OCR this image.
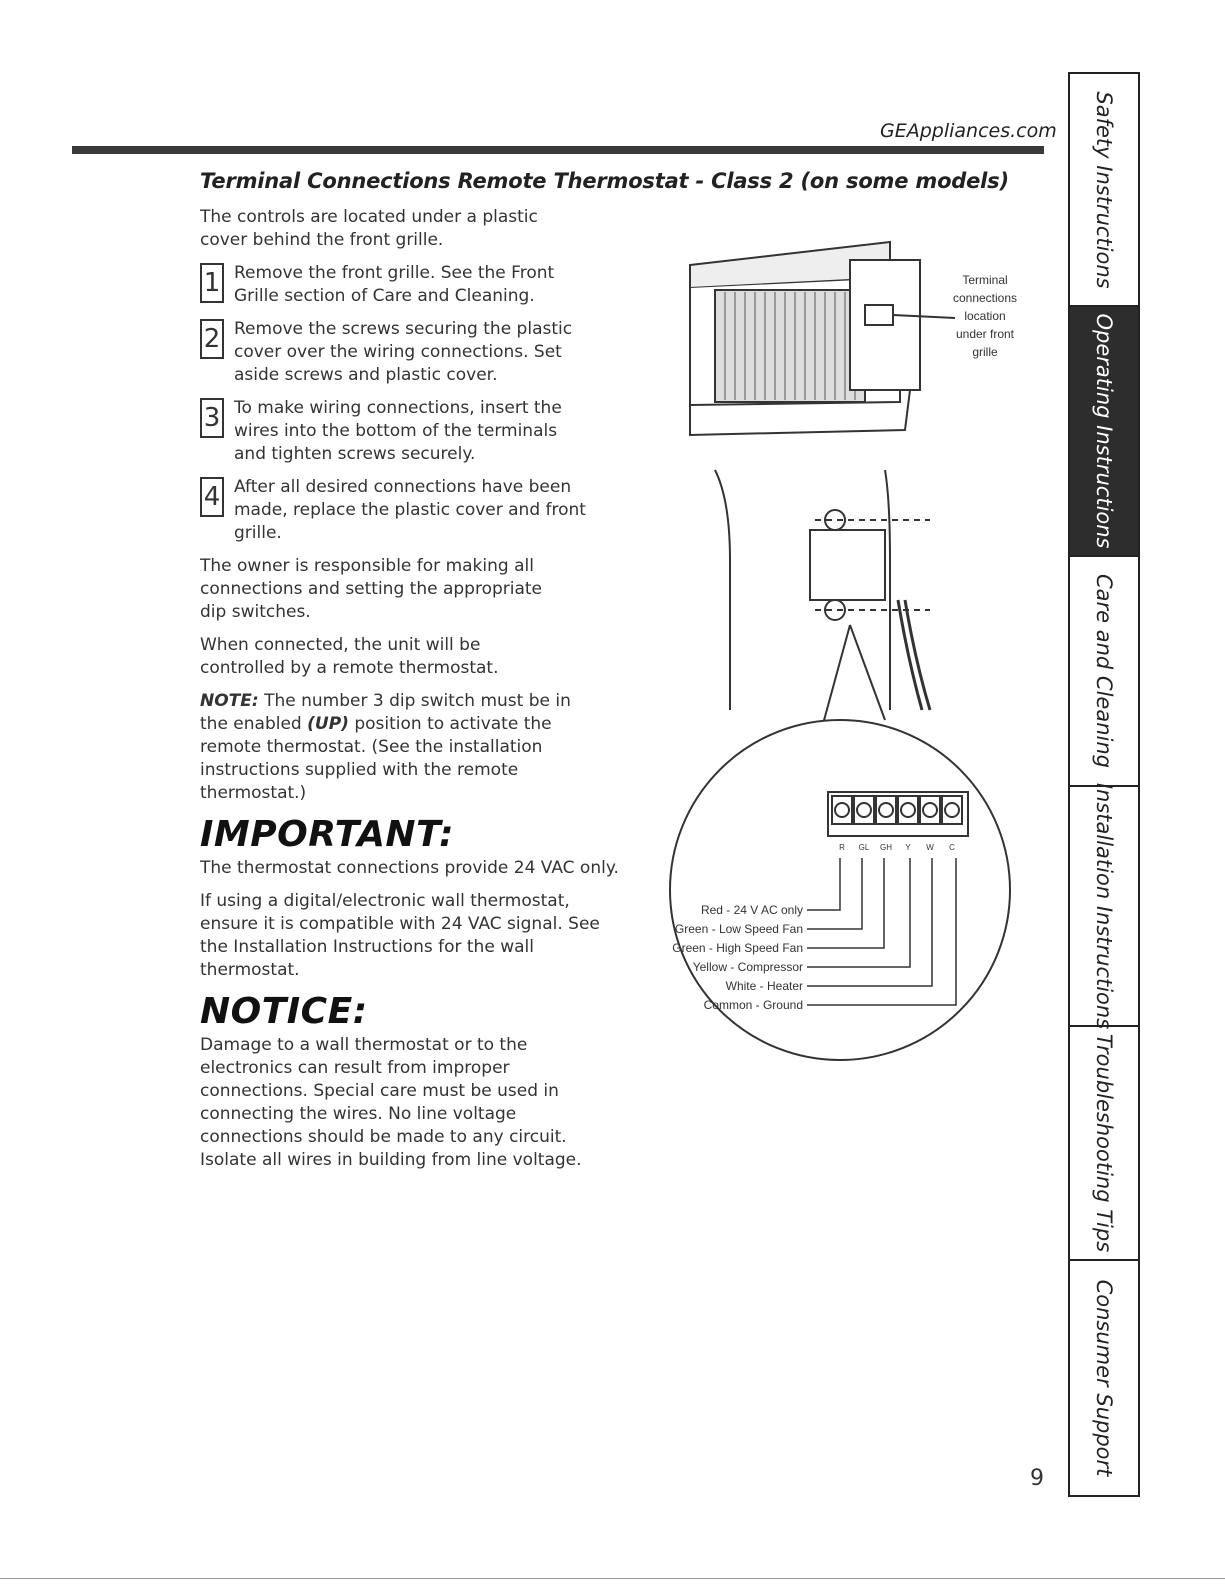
GEAppliances.com
Terminal Connections Remote Thermostat - Class 2 (on some models)

The controls are located under a plastic cover behind the front grille.

1 Remove the front grille. See the Front Grille section of Care and Cleaning.
2 Remove the screws securing the plastic cover over the wiring connections. Set aside screws and plastic cover.
3 To make wiring connections, insert the wires into the bottom of the terminals and tighten screws securely.
4 After all desired connections have been made, replace the plastic cover and front grille.

The owner is responsible for making all connections and setting the appropriate dip switches.

When connected, the unit will be controlled by a remote thermostat.

NOTE: The number 3 dip switch must be in the enabled (UP) position to activate the remote thermostat. (See the installation instructions supplied with the remote thermostat.)

IMPORTANT:

The thermostat connections provide 24 VAC only.

If using a digital/electronic wall thermostat, ensure it is compatible with 24 VAC signal. See the Installation Instructions for the wall thermostat.

NOTICE:

Damage to a wall thermostat or to the electronics can result from improper connections. Special care must be used in connecting the wires. No line voltage connections should be made to any circuit. Isolate all wires in building from line voltage.

Terminal
connections
location
under front
grille
R GL GH Y W C
Red - 24 V AC only
Green - Low Speed Fan
Green - High Speed Fan
Yellow - Compressor
White - Heater
Common - Ground
Safety Instructions
Operating Instructions
Care and Cleaning
Installation Instructions
Troubleshooting Tips
Consumer Support
9
